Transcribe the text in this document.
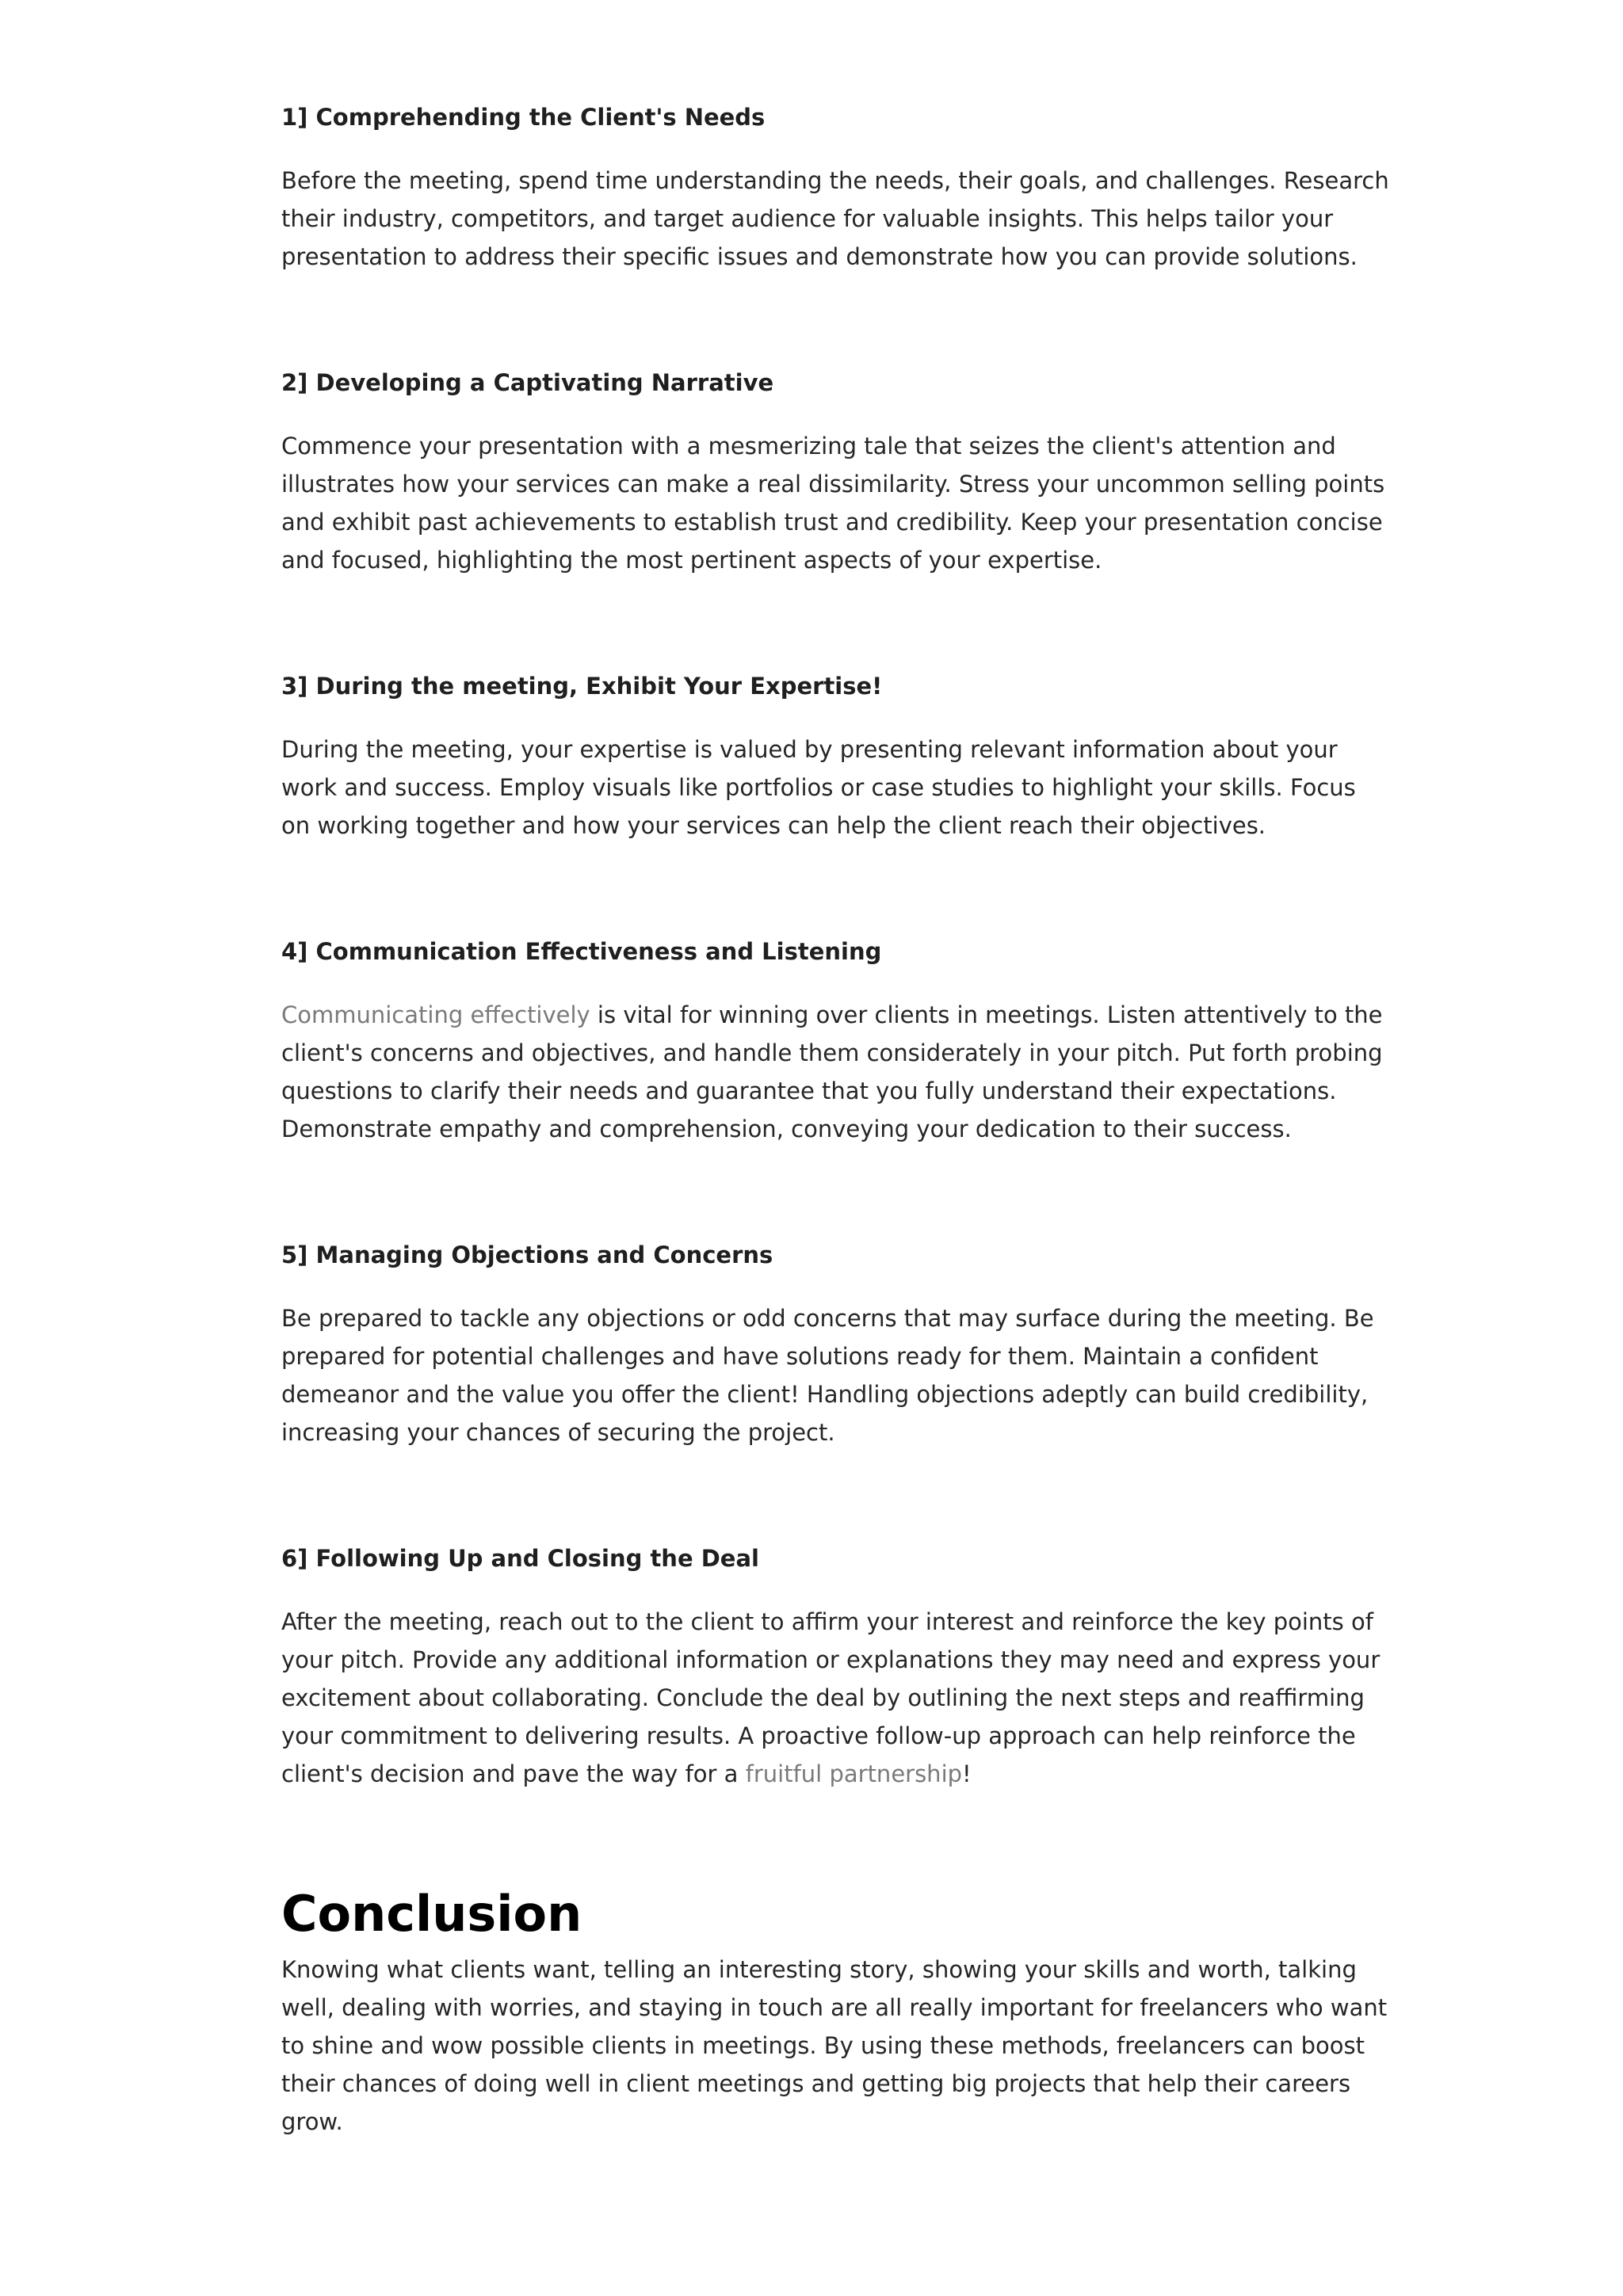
1] Comprehending the Client's Needs

Before the meeting, spend time understanding the needs, their goals, and challenges. Research their industry, competitors, and target audience for valuable insights. This helps tailor your presentation to address their specific issues and demonstrate how you can provide solutions.

2] Developing a Captivating Narrative

Commence your presentation with a mesmerizing tale that seizes the client's attention and illustrates how your services can make a real dissimilarity. Stress your uncommon selling points and exhibit past achievements to establish trust and credibility. Keep your presentation concise and focused, highlighting the most pertinent aspects of your expertise.

3] During the meeting, Exhibit Your Expertise!

During the meeting, your expertise is valued by presenting relevant information about your work and success. Employ visuals like portfolios or case studies to highlight your skills. Focus on working together and how your services can help the client reach their objectives.

4] Communication Effectiveness and Listening

Communicating effectively is vital for winning over clients in meetings. Listen attentively to the client's concerns and objectives, and handle them considerately in your pitch. Put forth probing questions to clarify their needs and guarantee that you fully understand their expectations. Demonstrate empathy and comprehension, conveying your dedication to their success.

5] Managing Objections and Concerns

Be prepared to tackle any objections or odd concerns that may surface during the meeting. Be prepared for potential challenges and have solutions ready for them. Maintain a confident demeanor and the value you offer the client! Handling objections adeptly can build credibility, increasing your chances of securing the project.

6] Following Up and Closing the Deal

After the meeting, reach out to the client to affirm your interest and reinforce the key points of your pitch. Provide any additional information or explanations they may need and express your excitement about collaborating. Conclude the deal by outlining the next steps and reaffirming your commitment to delivering results. A proactive follow-up approach can help reinforce the client's decision and pave the way for a fruitful partnership!

Conclusion

Knowing what clients want, telling an interesting story, showing your skills and worth, talking well, dealing with worries, and staying in touch are all really important for freelancers who want to shine and wow possible clients in meetings. By using these methods, freelancers can boost their chances of doing well in client meetings and getting big projects that help their careers grow.
